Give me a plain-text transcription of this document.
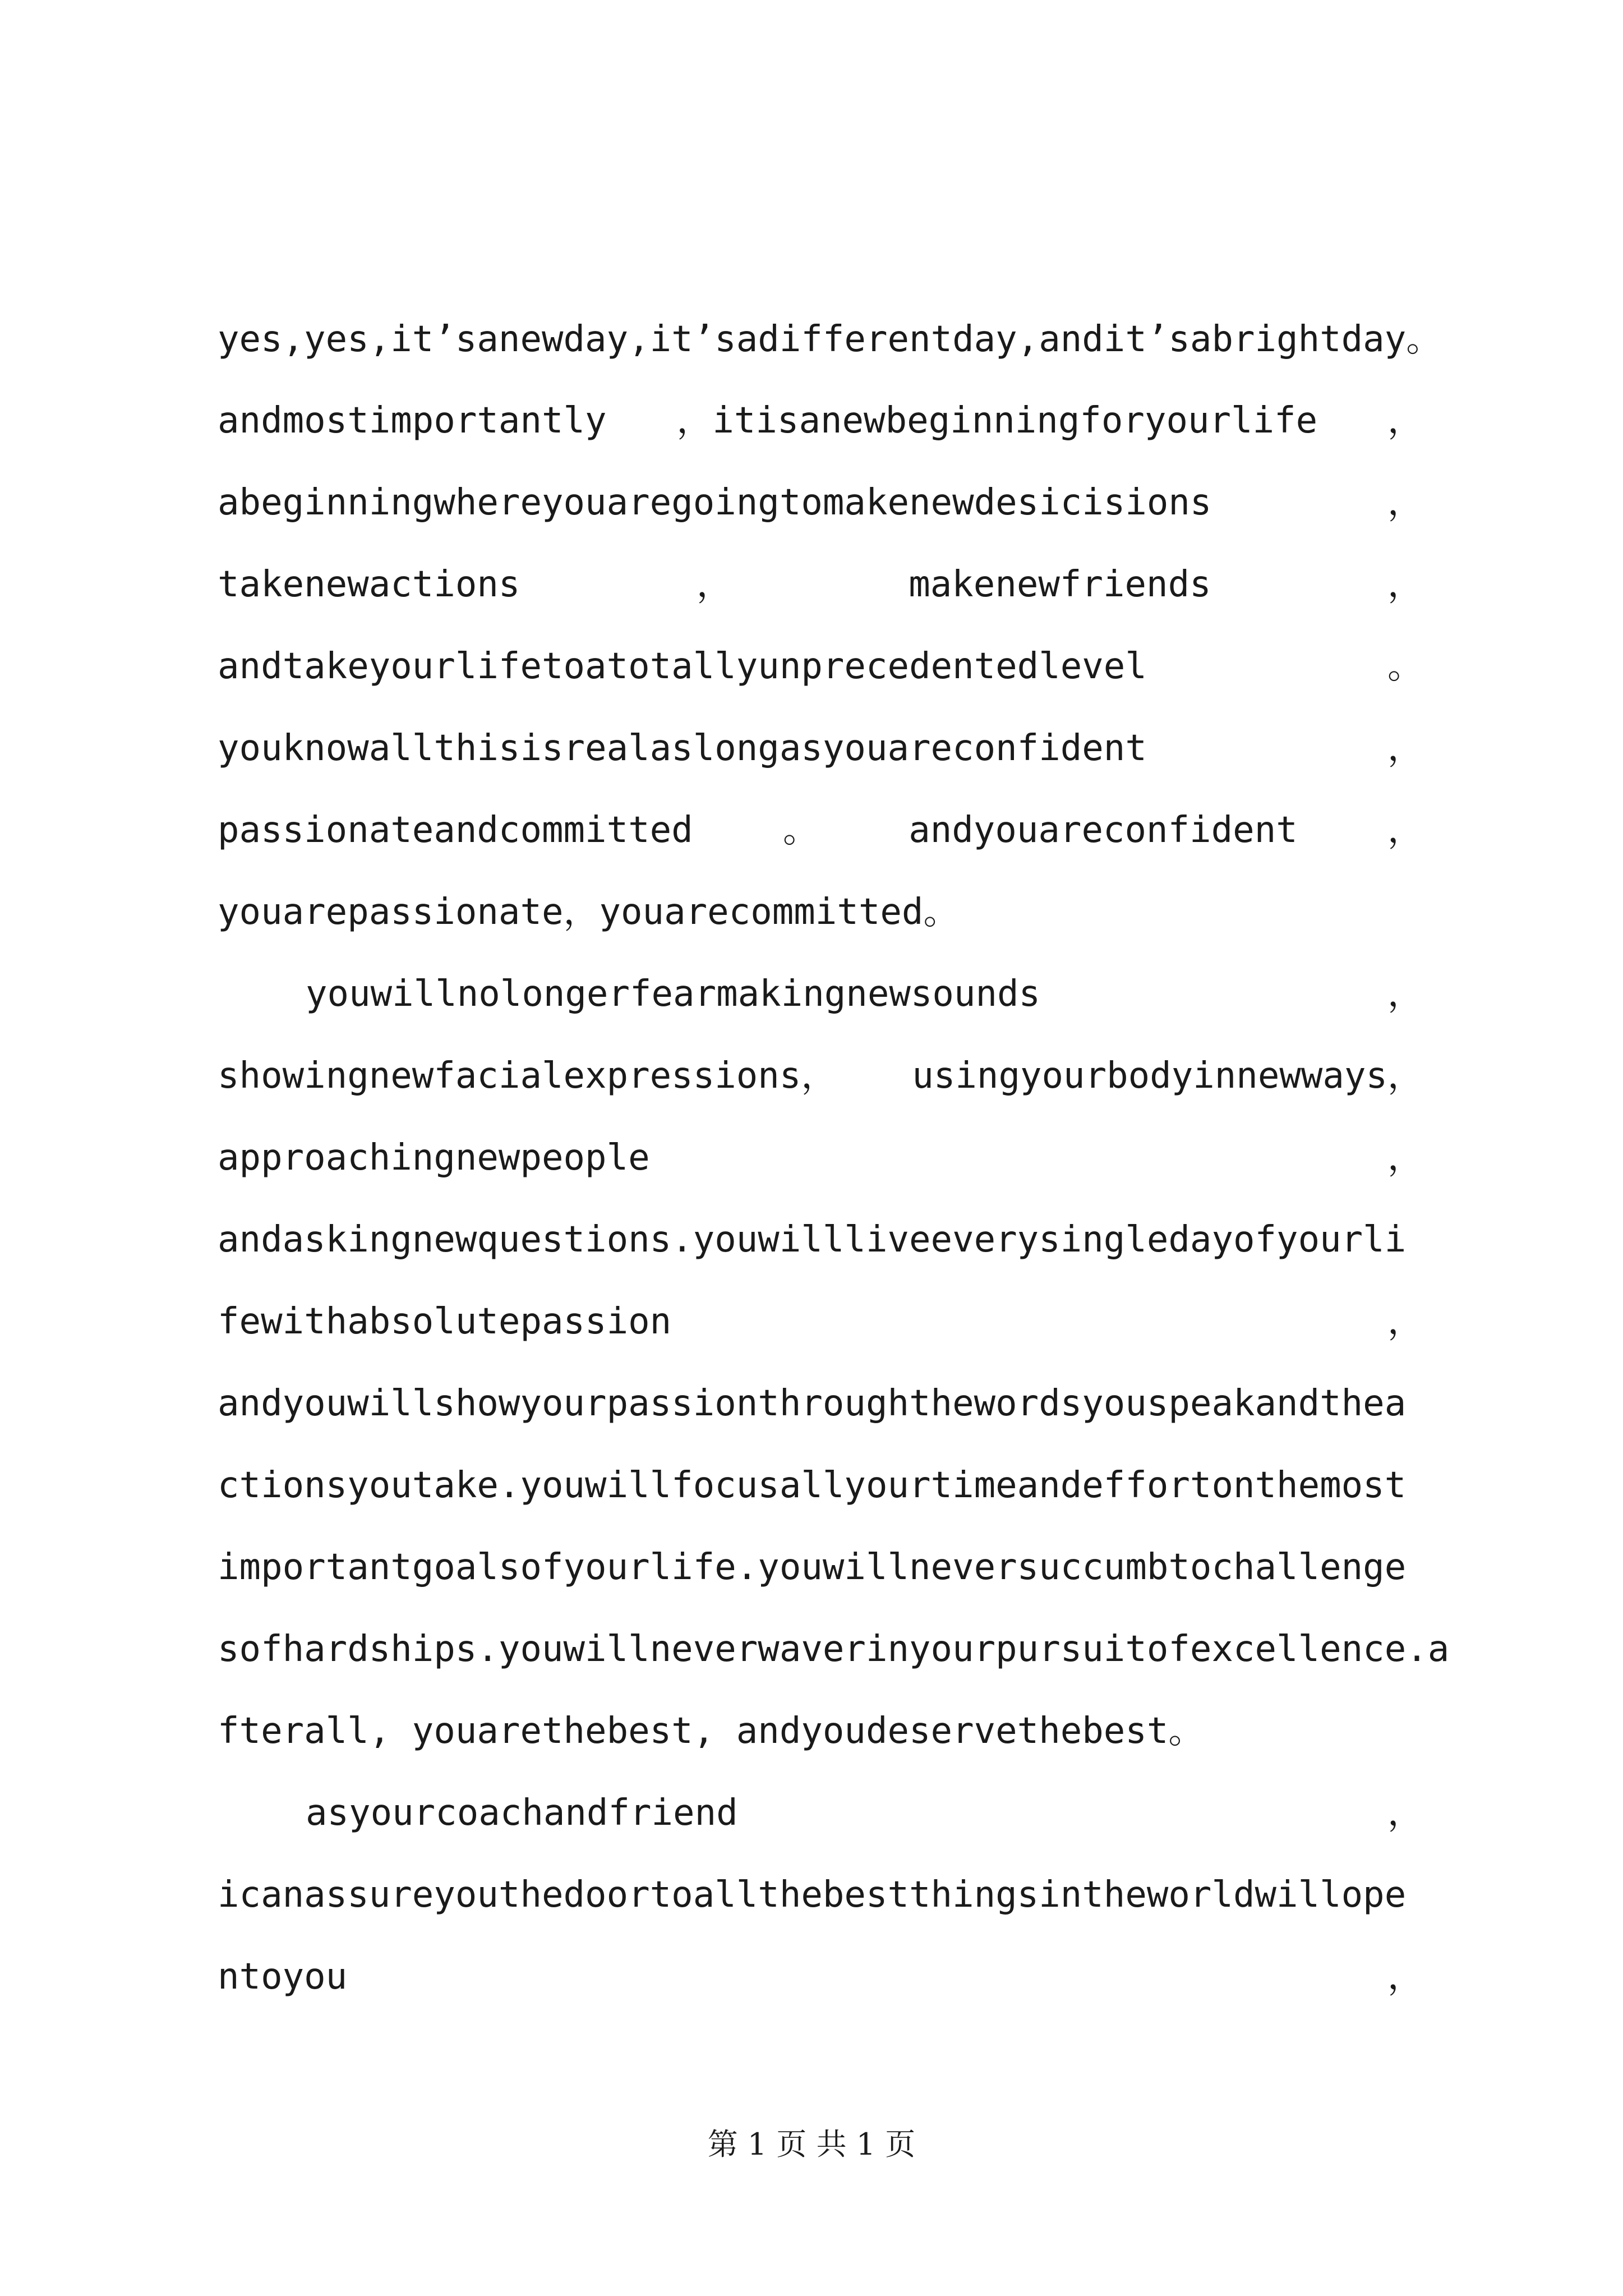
yes,yes,it’sanewday,it’sadifferentday,andit’sabrightday。
andmostimportantly ，itisanewbeginningforyourlife ，
abeginningwhereyouaregoingtomakenewdesicisions	，
takenewactions	，	makenewfriends	，
andtakeyourlifetoatotallyunprecedentedlevel	。
youknowallthisisrealaslongasyouareconfident	，
passionateandcommitted	。	andyouareconfident	，
youarepassionate，youarecommitted。
youwillnolongerfearmakingnewsounds	，
showingnewfacialexpressions， usingyourbodyinnewways，
approachingnewpeople	，
andaskingnewquestions.youwillliveeverysingledayofyourli
fewithabsolutepassion	，
andyouwillshowyourpassionthroughthewordsyouspeakandthea
ctionsyoutake.youwillfocusallyourtimeandeffortonthemost
importantgoalsofyourlife.youwillneversuccumbtochallenge
sofhardships.youwillneverwaverinyourpursuitofexcellence.a
fterall, youarethebest, andyoudeservethebest。
asyourcoachandfriend	，
icanassureyouthedoortoallthebestthingsintheworldwillope
ntoyou	，
第 1 页 共 1 页
